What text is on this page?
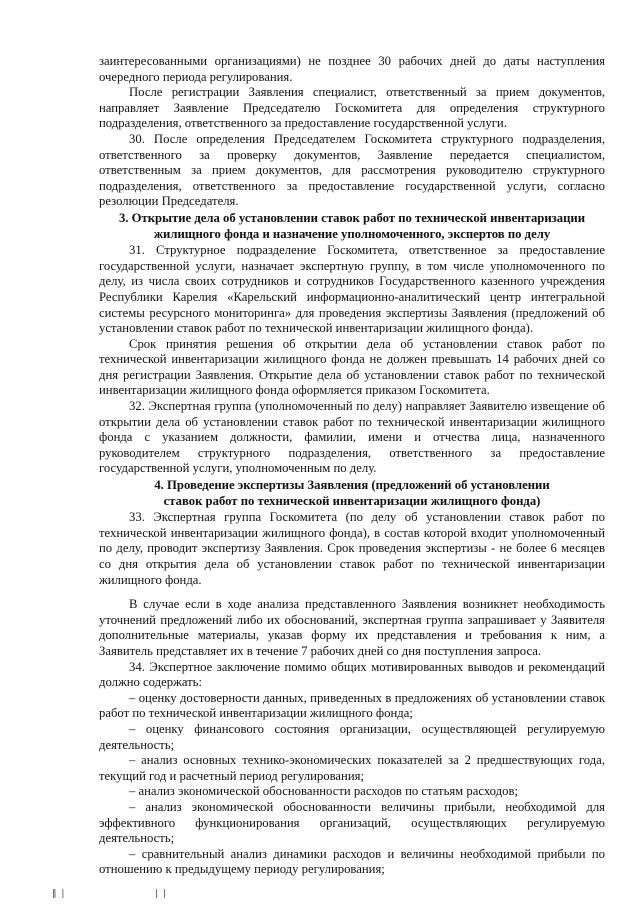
заинтересованными организациями) не позднее 30 рабочих дней до даты наступления очередного периода регулирования.

После регистрации Заявления специалист, ответственный за прием документов, направляет Заявление Председателю Госкомитета для определения структурного подразделения, ответственного за предоставление государственной услуги.

30. После определения Председателем Госкомитета структурного подразделения, ответственного за проверку документов, Заявление передается специалистом, ответственным за прием документов, для рассмотрения руководителю структурного подразделения, ответственного за предоставление государственной услуги, согласно резолюции Председателя.

3. Открытие дела об установлении ставок работ по технической инвентаризации
жилищного фонда и назначение уполномоченного, экспертов по делу

31. Структурное подразделение Госкомитета, ответственное за предоставление государственной услуги, назначает экспертную группу, в том числе уполномоченного по делу, из числа своих сотрудников и сотрудников Государственного казенного учреждения Республики Карелия «Карельский информационно-аналитический центр интегральной системы ресурсного мониторинга» для проведения экспертизы Заявления (предложений об установлении ставок работ по технической инвентаризации жилищного фонда).

Срок принятия решения об открытии дела об установлении ставок работ по технической инвентаризации жилищного фонда не должен превышать 14 рабочих дней со дня регистрации Заявления. Открытие дела об установлении ставок работ по технической инвентаризации жилищного фонда оформляется приказом Госкомитета.

32. Экспертная группа (уполномоченный по делу) направляет Заявителю извещение об открытии дела об установлении ставок работ по технической инвентаризации жилищного фонда с указанием должности, фамилии, имени и отчества лица, назначенного руководителем структурного подразделения, ответственного за предоставление государственной услуги, уполномоченным по делу.

4. Проведение экспертизы Заявления (предложений об установлении
ставок работ по технической инвентаризации жилищного фонда)

33. Экспертная группа Госкомитета (по делу об установлении ставок работ по технической инвентаризации жилищного фонда), в состав которой входит уполномоченный по делу, проводит экспертизу Заявления. Срок проведения экспертизы - не более 6 месяцев со дня открытия дела об установлении ставок работ по технической инвентаризации жилищного фонда.

В случае если в ходе анализа представленного Заявления возникнет необходимость уточнений предложений либо их обоснований, экспертная группа запрашивает у Заявителя дополнительные материалы, указав форму их представления и требования к ним, а Заявитель представляет их в течение 7 рабочих дней со дня поступления запроса.

34. Экспертное заключение помимо общих мотивированных выводов и рекомендаций должно содержать:

– оценку достоверности данных, приведенных в предложениях об установлении ставок работ по технической инвентаризации жилищного фонда;

– оценку финансового состояния организации, осуществляющей регулируемую деятельность;

– анализ основных технико-экономических показателей за 2 предшествующих года, текущий год и расчетный период регулирования;

– анализ экономической обоснованности расходов по статьям расходов;

– анализ экономической обоснованности величины прибыли, необходимой для эффективного функционирования организаций, осуществляющих регулируемую деятельность;

– сравнительный анализ динамики расходов и величины необходимой прибыли по отношению к предыдущему периоду регулирования;

‖ |	| |
